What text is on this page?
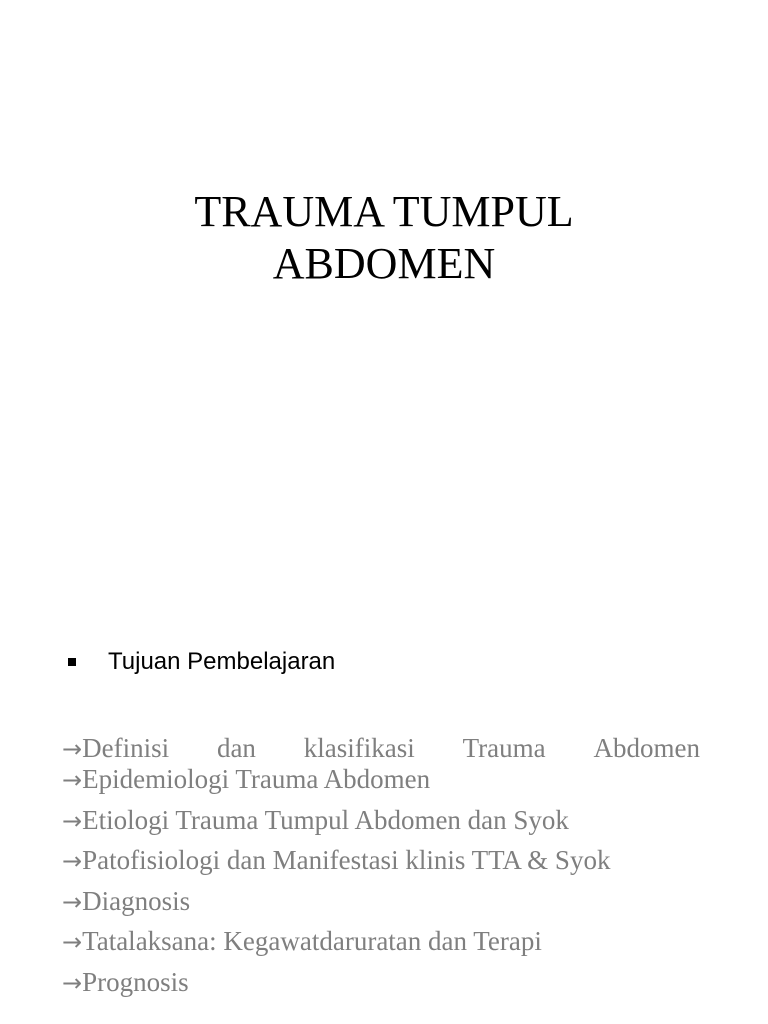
TRAUMA TUMPUL
ABDOMEN
Tujuan Pembelajaran
→Definisi dan klasifikasi Trauma Abdomen
→Epidemiologi Trauma Abdomen
→Etiologi Trauma Tumpul Abdomen dan Syok
→Patofisiologi dan Manifestasi klinis TTA & Syok
→Diagnosis
→Tatalaksana: Kegawatdaruratan dan Terapi
→Prognosis
